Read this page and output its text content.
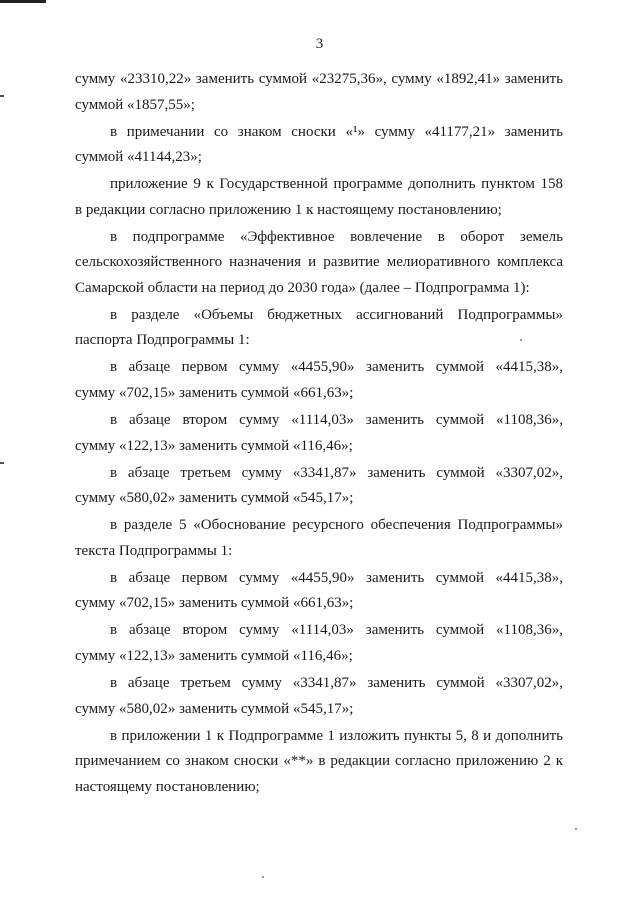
3
сумму «23310,22» заменить суммой «23275,36», сумму «1892,41» заменить
суммой «1857,55»;
в примечании со знаком сноски «¹» сумму «41177,21» заменить
суммой «41144,23»;
приложение 9 к Государственной программе дополнить пунктом 158
в редакции согласно приложению 1 к настоящему постановлению;
в подпрограмме «Эффективное вовлечение в оборот земель
сельскохозяйственного назначения и развитие мелиоративного комплекса
Самарской области на период до 2030 года» (далее – Подпрограмма 1):
в разделе «Объемы бюджетных ассигнований Подпрограммы»
паспорта Подпрограммы 1:
в абзаце первом сумму «4455,90» заменить суммой «4415,38»,
сумму «702,15» заменить суммой «661,63»;
в абзаце втором сумму «1114,03» заменить суммой «1108,36»,
сумму «122,13» заменить суммой «116,46»;
в абзаце третьем сумму «3341,87» заменить суммой «3307,02»,
сумму «580,02» заменить суммой «545,17»;
в разделе 5 «Обоснование ресурсного обеспечения Подпрограммы»
текста Подпрограммы 1:
в абзаце первом сумму «4455,90» заменить суммой «4415,38»,
сумму «702,15» заменить суммой «661,63»;
в абзаце втором сумму «1114,03» заменить суммой «1108,36»,
сумму «122,13» заменить суммой «116,46»;
в абзаце третьем сумму «3341,87» заменить суммой «3307,02»,
сумму «580,02» заменить суммой «545,17»;
в приложении 1 к Подпрограмме 1 изложить пункты 5, 8 и дополнить
примечанием со знаком сноски «**» в редакции согласно приложению 2 к
настоящему постановлению;
